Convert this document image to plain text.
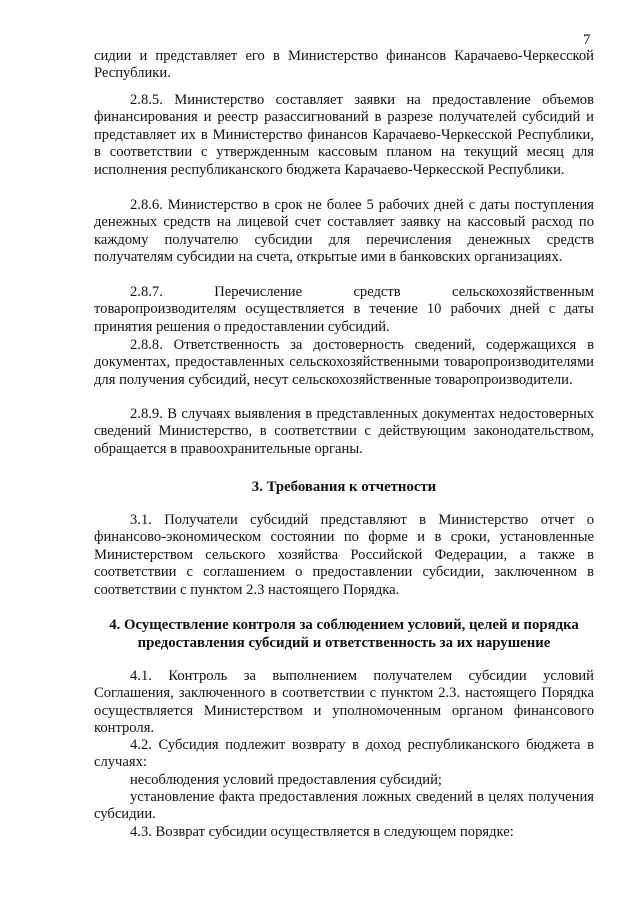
7
сидии и представляет его в Министерство финансов Карачаево-Черкесской Республики.
2.8.5. Министерство составляет заявки на предоставление объемов финансирования и реестр разассигнований в разрезе получателей субсидий и представляет их в Министерство финансов Карачаево-Черкесской Республики, в соответствии с утвержденным кассовым планом на текущий месяц для исполнения республиканского бюджета Карачаево-Черкесской Республики.
2.8.6. Министерство в срок не более 5 рабочих дней с даты поступления денежных средств на лицевой счет составляет заявку на кассовый расход по каждому получателю субсидии для перечисления денежных средств получателям субсидии на счета, открытые ими в банковских организациях.
2.8.7. Перечисление средств сельскохозяйственным товаропроизводителям осуществляется в течение 10 рабочих дней с даты принятия решения о предоставлении субсидий.
2.8.8. Ответственность за достоверность сведений, содержащихся в документах, предоставленных сельскохозяйственными товаропроизводителями для получения субсидий, несут сельскохозяйственные товаропроизводители.
2.8.9. В случаях выявления в представленных документах недостоверных сведений Министерство, в соответствии с действующим законодательством, обращается в правоохранительные органы.
3. Требования к отчетности
3.1. Получатели субсидий представляют в Министерство отчет о финансово-экономическом состоянии по форме и в сроки, установленные Министерством сельского хозяйства Российской Федерации, а также в соответствии с соглашением о предоставлении субсидии, заключенном в соответствии с пунктом 2.3 настоящего Порядка.
4. Осуществление контроля за соблюдением условий, целей и порядка предоставления субсидий и ответственность за их нарушение
4.1. Контроль за выполнением получателем субсидии условий Соглашения, заключенного в соответствии с пунктом 2.3. настоящего Порядка осуществляется Министерством и уполномоченным органом финансового контроля.
4.2. Субсидия подлежит возврату в доход республиканского бюджета в случаях:
несоблюдения условий предоставления субсидий;
установление факта предоставления ложных сведений в целях получения субсидии.
4.3. Возврат субсидии осуществляется в следующем порядке:
